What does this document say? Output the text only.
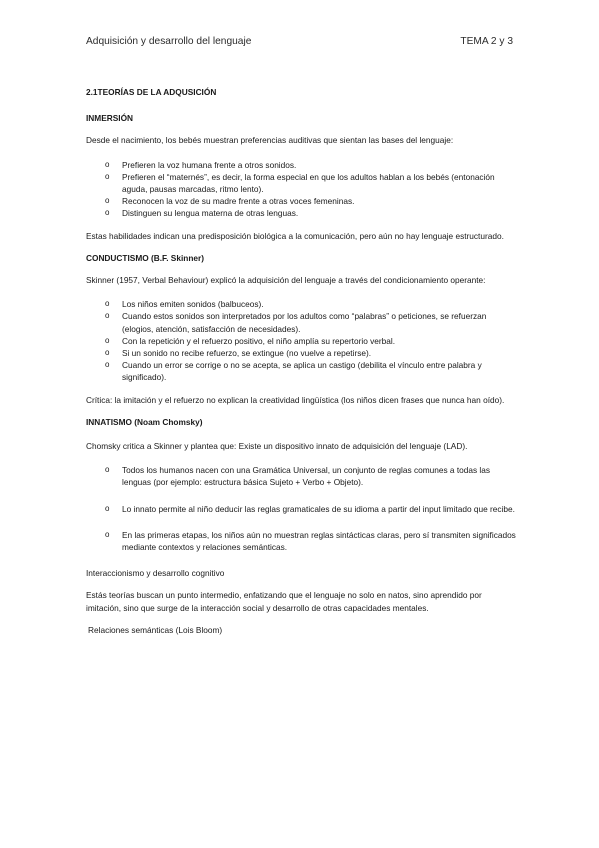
Adquisición y desarrollo del lenguaje	TEMA 2 y 3

2.1TEORÍAS DE LA ADQUSICIÓN

INMERSIÓN

Desde el nacimiento, los bebés muestran preferencias auditivas que sientan las bases del lenguaje:

o Prefieren la voz humana frente a otros sonidos.
o Prefieren el “maternés”, es decir, la forma especial en que los adultos hablan a los bebés (entonación aguda, pausas marcadas, ritmo lento).
o Reconocen la voz de su madre frente a otras voces femeninas.
o Distinguen su lengua materna de otras lenguas.

Estas habilidades indican una predisposición biológica a la comunicación, pero aún no hay lenguaje estructurado.

CONDUCTISMO (B.F. Skinner)

Skinner (1957, Verbal Behaviour) explicó la adquisición del lenguaje a través del condicionamiento operante:

o Los niños emiten sonidos (balbuceos).
o Cuando estos sonidos son interpretados por los adultos como “palabras” o peticiones, se refuerzan (elogios, atención, satisfacción de necesidades).
o Con la repetición y el refuerzo positivo, el niño amplía su repertorio verbal.
o Si un sonido no recibe refuerzo, se extingue (no vuelve a repetirse).
o Cuando un error se corrige o no se acepta, se aplica un castigo (debilita el vínculo entre palabra y significado).

Crítica: la imitación y el refuerzo no explican la creatividad lingüística (los niños dicen frases que nunca han oído).

INNATISMO (Noam Chomsky)

Chomsky critica a Skinner y plantea que: Existe un dispositivo innato de adquisición del lenguaje (LAD).

o Todos los humanos nacen con una Gramática Universal, un conjunto de reglas comunes a todas las lenguas (por ejemplo: estructura básica Sujeto + Verbo + Objeto).
o Lo innato permite al niño deducir las reglas gramaticales de su idioma a partir del input limitado que recibe.
o En las primeras etapas, los niños aún no muestran reglas sintácticas claras, pero sí transmiten significados mediante contextos y relaciones semánticas.

Interaccionismo y desarrollo cognitivo

Estás teorías buscan un punto intermedio, enfatizando que el lenguaje no solo en natos, sino aprendido por imitación, sino que surge de la interacción social y desarrollo de otras capacidades mentales.

Relaciones semánticas (Lois Bloom)
